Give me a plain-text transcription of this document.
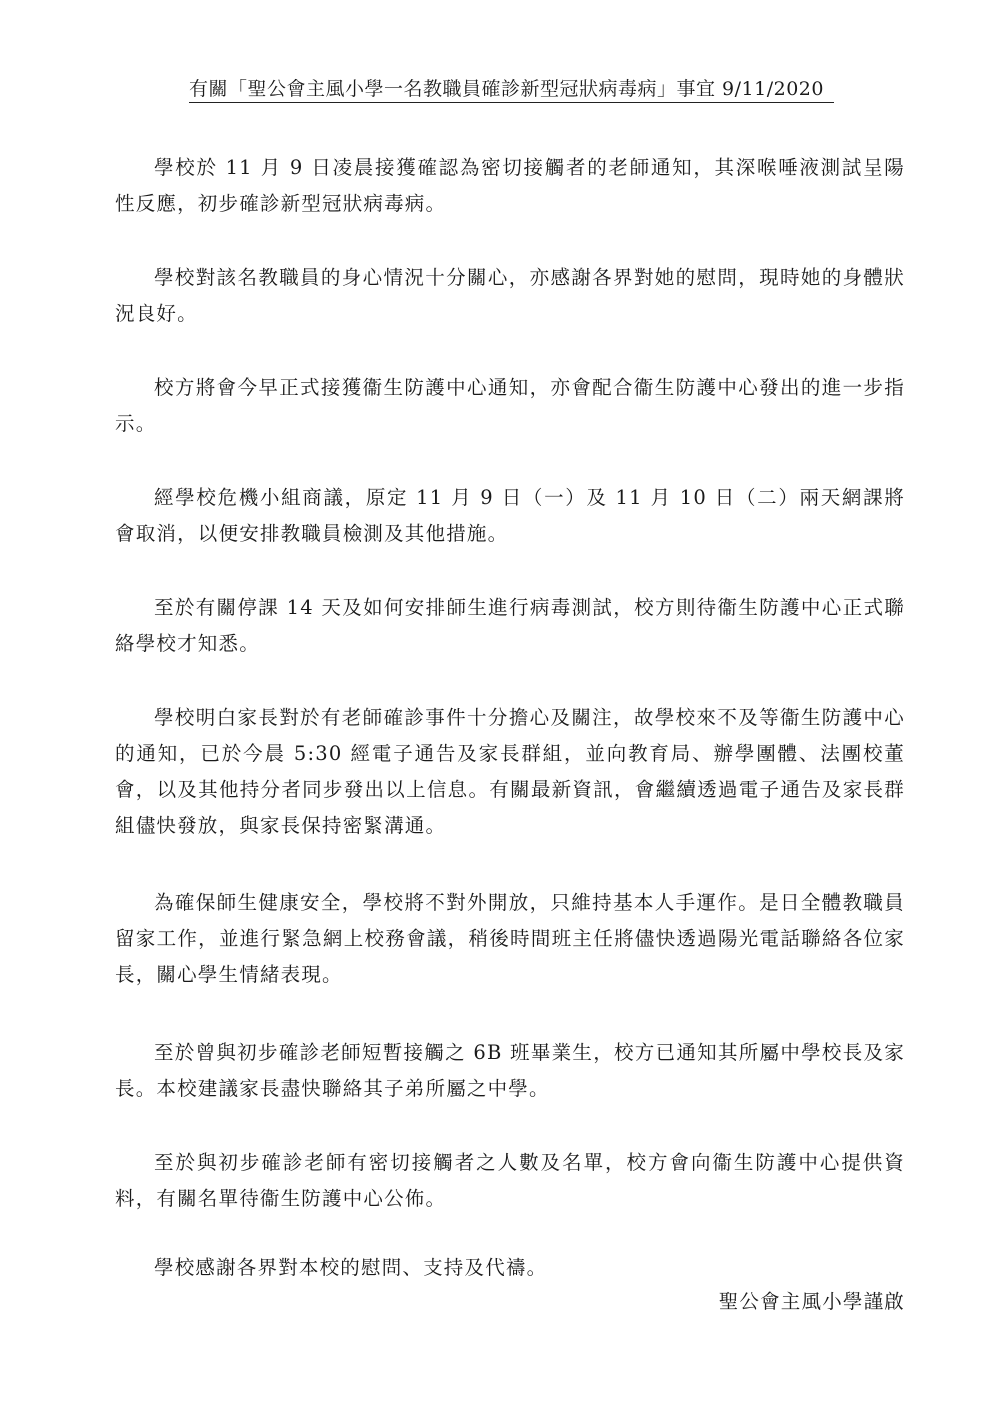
有關「聖公會主風小學一名教職員確診新型冠狀病毒病」事宜 9/11/2020

學校於 11 月 9 日凌晨接獲確認為密切接觸者的老師通知，其深喉唾液測試呈陽性反應，初步確診新型冠狀病毒病。

學校對該名教職員的身心情況十分關心，亦感謝各界對她的慰問，現時她的身體狀況良好。

校方將會今早正式接獲衞生防護中心通知，亦會配合衞生防護中心發出的進一步指示。

經學校危機小組商議，原定 11 月 9 日（一）及 11 月 10 日（二）兩天網課將會取消，以便安排教職員檢測及其他措施。

至於有關停課 14 天及如何安排師生進行病毒測試，校方則待衞生防護中心正式聯絡學校才知悉。

學校明白家長對於有老師確診事件十分擔心及關注，故學校來不及等衞生防護中心的通知，已於今晨 5:30 經電子通告及家長群組，並向教育局、辦學團體、法團校董會，以及其他持分者同步發出以上信息。有關最新資訊，會繼續透過電子通告及家長群組儘快發放，與家長保持密緊溝通。

為確保師生健康安全，學校將不對外開放，只維持基本人手運作。是日全體教職員留家工作，並進行緊急網上校務會議，稍後時間班主任將儘快透過陽光電話聯絡各位家長，關心學生情緒表現。

至於曾與初步確診老師短暫接觸之 6B 班畢業生，校方已通知其所屬中學校長及家長。本校建議家長盡快聯絡其子弟所屬之中學。

至於與初步確診老師有密切接觸者之人數及名單，校方會向衞生防護中心提供資料，有關名單待衞生防護中心公佈。

學校感謝各界對本校的慰問、支持及代禱。

聖公會主風小學謹啟
